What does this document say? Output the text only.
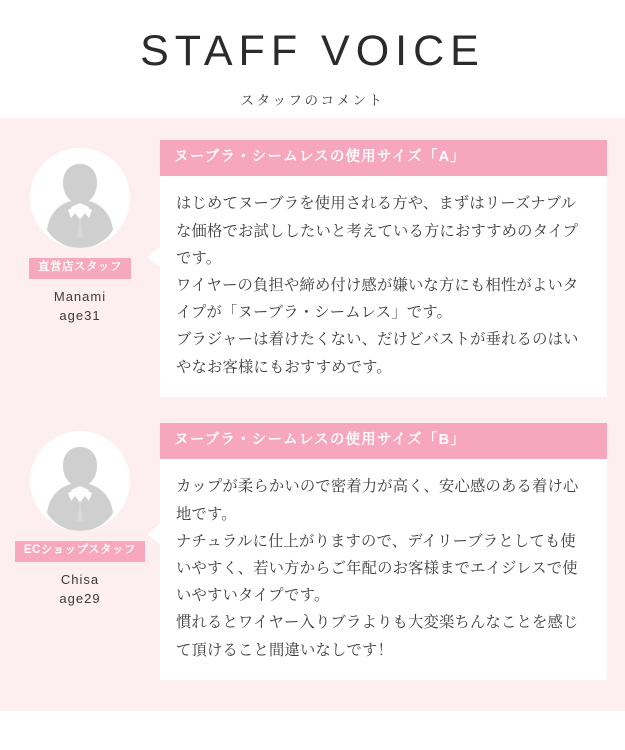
STAFF VOICE
スタッフのコメント
直営店スタッフ
Manami
age31
ヌーブラ・シームレスの使用サイズ「A」

はじめてヌーブラを使用される方や、まずはリーズナブルな価格でお試ししたいと考えている方におすすめのタイプです。

ワイヤーの負担や締め付け感が嫌いな方にも相性がよいタイプが「ヌーブラ・シームレス」です。

ブラジャーは着けたくない、だけどバストが垂れるのはいやなお客様にもおすすめです。

ECショップスタッフ
Chisa
age29
ヌーブラ・シームレスの使用サイズ「B」

カップが柔らかいので密着力が高く、安心感のある着け心地です。

ナチュラルに仕上がりますので、デイリーブラとしても使いやすく、若い方からご年配のお客様までエイジレスで使いやすいタイプです。

慣れるとワイヤー入りブラよりも大変楽ちんなことを感じて頂けること間違いなしです！
